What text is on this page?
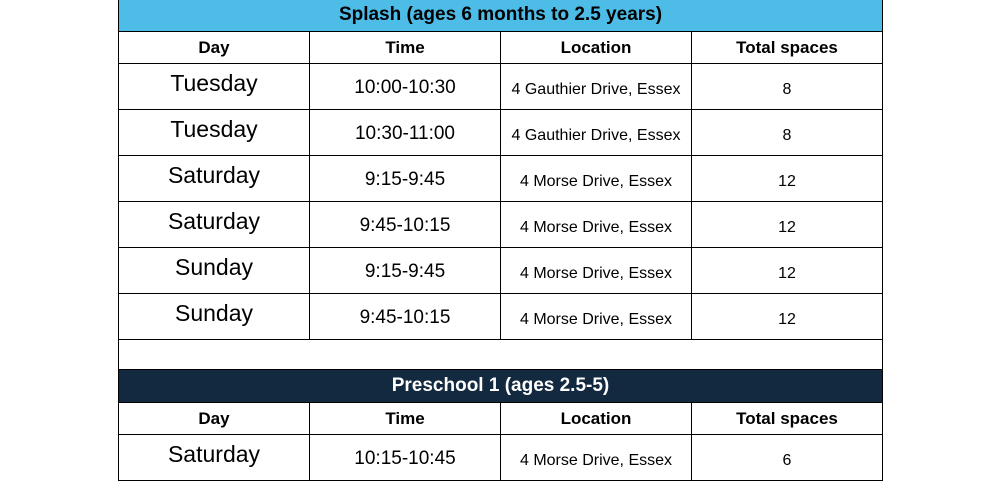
Splash (ages 6 months to 2.5 years)			
Day	Time	Location	Total spaces
Tuesday	10:00-10:30	4 Gauthier Drive, Essex	8
Tuesday	10:30-11:00	4 Gauthier Drive, Essex	8
Saturday	9:15-9:45	4 Morse Drive, Essex	12
Saturday	9:45-10:15	4 Morse Drive, Essex	12
Sunday	9:15-9:45	4 Morse Drive, Essex	12
Sunday	9:45-10:15	4 Morse Drive, Essex	12

Preschool 1 (ages 2.5-5)			
Day	Time	Location	Total spaces
Saturday	10:15-10:45	4 Morse Drive, Essex	6
